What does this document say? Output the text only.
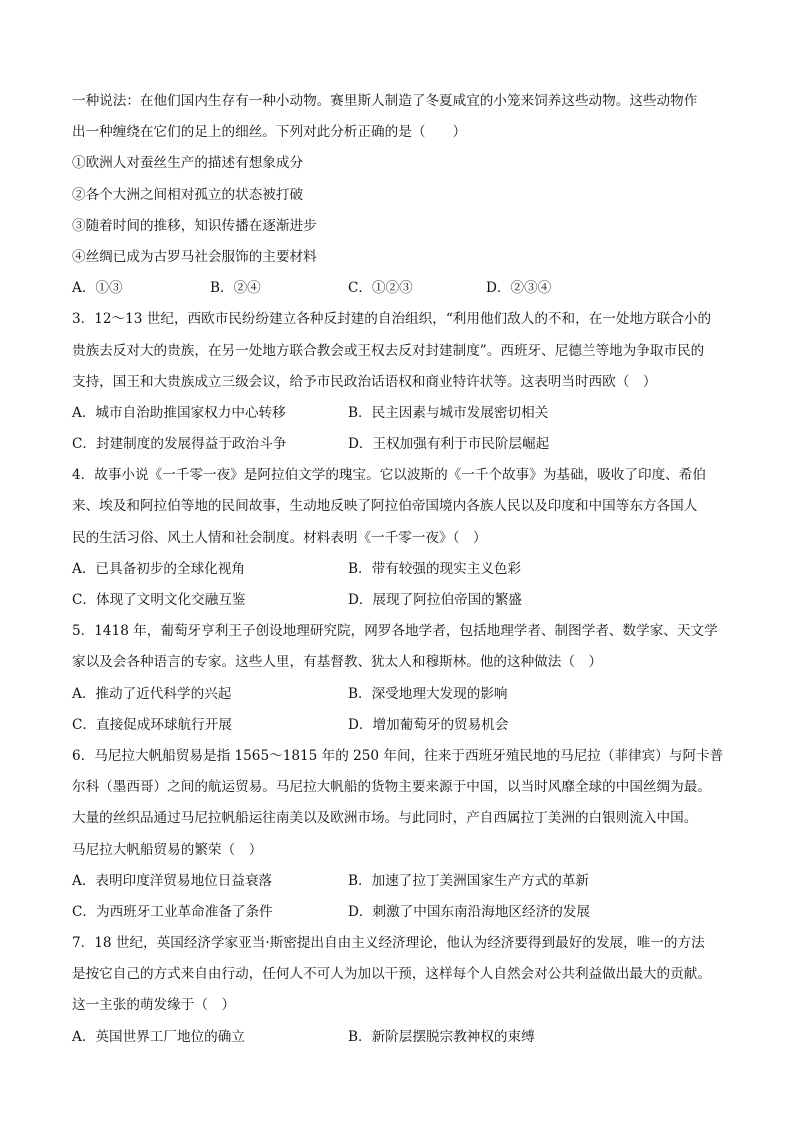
一种说法：在他们国内生存有一种小动物。赛里斯人制造了冬夏咸宜的小笼来饲养这些动物。这些动物作
出一种缠绕在它们的足上的细丝。下列对此分析正确的是（　　）
①欧洲人对蚕丝生产的描述有想象成分
②各个大洲之间相对孤立的状态被打破
③随着时间的推移，知识传播在逐渐进步
④丝绸已成为古罗马社会服饰的主要材料
A．①③	B．②④	C．①②③	D．②③④
3．12～13 世纪，西欧市民纷纷建立各种反封建的自治组织，“利用他们敌人的不和，在一处地方联合小的
贵族去反对大的贵族，在另一处地方联合教会或王权去反对封建制度”。西班牙、尼德兰等地为争取市民的
支持，国王和大贵族成立三级会议，给予市民政治话语权和商业特许状等。这表明当时西欧（　）
A．城市自治助推国家权力中心转移	B．民主因素与城市发展密切相关
C．封建制度的发展得益于政治斗争	D．王权加强有利于市民阶层崛起
4．故事小说《一千零一夜》是阿拉伯文学的瑰宝。它以波斯的《一千个故事》为基础，吸收了印度、希伯
来、埃及和阿拉伯等地的民间故事，生动地反映了阿拉伯帝国境内各族人民以及印度和中国等东方各国人
民的生活习俗、风土人情和社会制度。材料表明《一千零一夜》（　）
A．已具备初步的全球化视角	B．带有较强的现实主义色彩
C．体现了文明文化交融互鉴	D．展现了阿拉伯帝国的繁盛
5．1418 年，葡萄牙亨利王子创设地理研究院，网罗各地学者，包括地理学者、制图学者、数学家、天文学
家以及会各种语言的专家。这些人里，有基督教、犹太人和穆斯林。他的这种做法（　）
A．推动了近代科学的兴起	B．深受地理大发现的影响
C．直接促成环球航行开展	D．增加葡萄牙的贸易机会
6．马尼拉大帆船贸易是指 1565～1815 年的 250 年间，往来于西班牙殖民地的马尼拉（菲律宾）与阿卡普
尔科（墨西哥）之间的航运贸易。马尼拉大帆船的货物主要来源于中国，以当时风靡全球的中国丝绸为最。
大量的丝织品通过马尼拉帆船运往南美以及欧洲市场。与此同时，产自西属拉丁美洲的白银则流入中国。
马尼拉大帆船贸易的繁荣（　）
A．表明印度洋贸易地位日益衰落	B．加速了拉丁美洲国家生产方式的革新
C．为西班牙工业革命准备了条件	D．刺激了中国东南沿海地区经济的发展
7．18 世纪，英国经济学家亚当·斯密提出自由主义经济理论，他认为经济要得到最好的发展，唯一的方法
是按它自己的方式来自由行动，任何人不可人为加以干预，这样每个人自然会对公共利益做出最大的贡献。
这一主张的萌发缘于（　）
A．英国世界工厂地位的确立	B．新阶层摆脱宗教神权的束缚
